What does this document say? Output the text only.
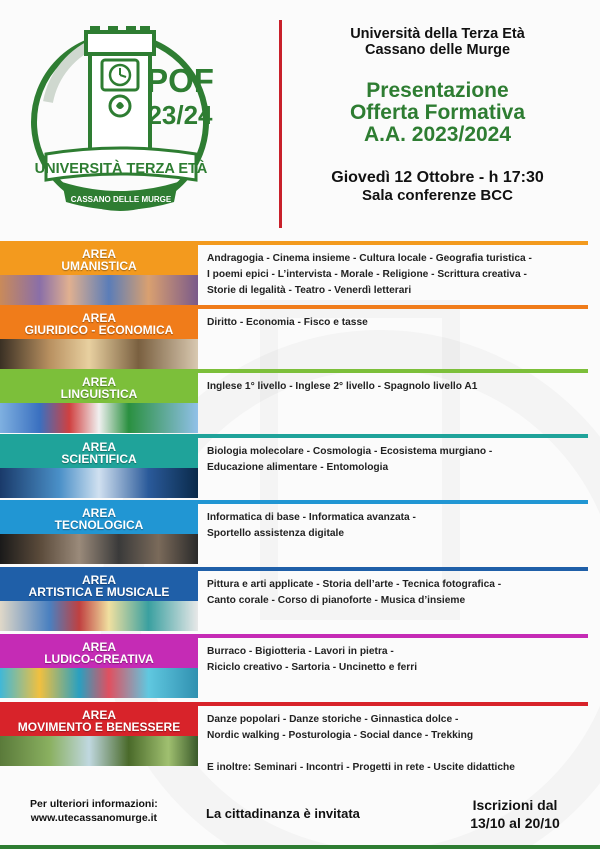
UNIVERSITÀ TERZA ETÀ
CASSANO DELLE MURGE
POF
23/24
Università della Terza Età
Cassano delle Murge
Presentazione
Offerta Formativa
A.A. 2023/2024
Giovedì 12 Ottobre - h 17:30
Sala conferenze BCC
AREA
UMANISTICA
Andragogia - Cinema insieme - Cultura locale - Geografia turistica -
I poemi epici - L’intervista - Morale - Religione - Scrittura creativa -
Storie di legalità - Teatro - Venerdì letterari
AREA
GIURIDICO - ECONOMICA
Diritto - Economia - Fisco e tasse
AREA
LINGUISTICA
Inglese 1° livello - Inglese 2° livello - Spagnolo livello A1
AREA
SCIENTIFICA
Biologia molecolare - Cosmologia - Ecosistema murgiano -
Educazione alimentare - Entomologia
AREA
TECNOLOGICA
Informatica di base - Informatica avanzata -
Sportello assistenza digitale
AREA
ARTISTICA E MUSICALE
Pittura e arti applicate - Storia dell’arte - Tecnica fotografica -
Canto corale - Corso di pianoforte - Musica d’insieme
AREA
LUDICO-CREATIVA
Burraco - Bigiotteria - Lavori in pietra -
Riciclo creativo - Sartoria - Uncinetto e ferri
AREA
MOVIMENTO E BENESSERE
Danze popolari - Danze storiche - Ginnastica dolce -
Nordic walking - Posturologia - Social dance - Trekking
E inoltre: Seminari - Incontri - Progetti in rete - Uscite didattiche
Per ulteriori informazioni:
www.utecassanomurge.it	La cittadinanza è invitata
Iscrizioni dal
13/10 al 20/10
